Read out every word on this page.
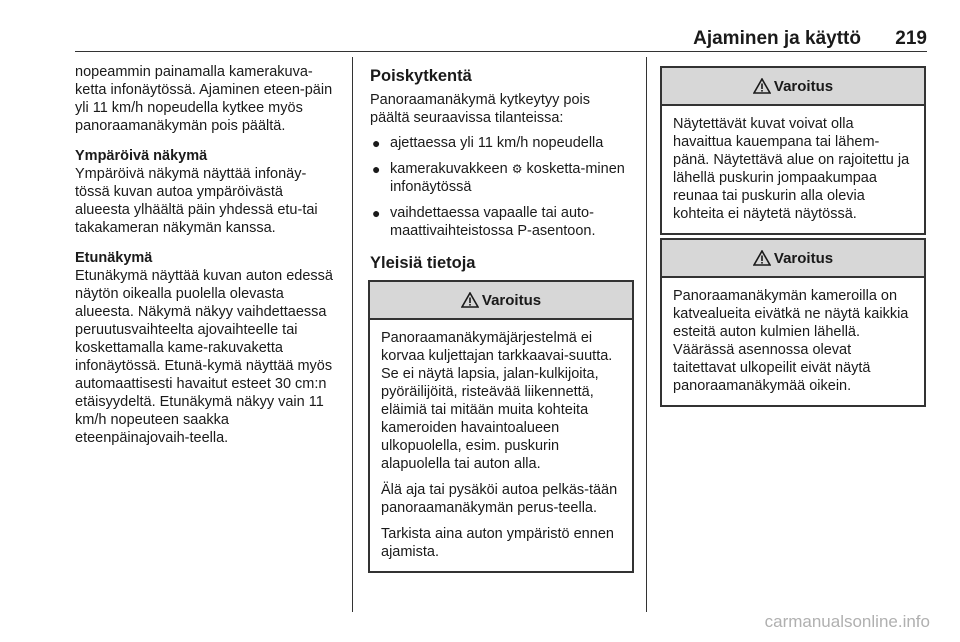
Ajaminen ja käyttö 219

nopeammin painamalla kamerakuva-ketta infonäytössä. Ajaminen eteen-päin yli 11 km/h nopeudella kytkee myös panoraamanäkymän pois päältä.

Ympäröivä näkymä

Ympäröivä näkymä näyttää infonäy-tössä kuvan autoa ympäröivästä alueesta ylhäältä päin yhdessä etu-tai takakameran näkymän kanssa.

Etunäkymä

Etunäkymä näyttää kuvan auton edessä näytön oikealla puolella olevasta alueesta. Näkymä näkyy vaihdettaessa peruutusvaihteelta ajovaihteelle tai koskettamalla kame-rakuvaketta infonäytössä. Etunä-kymä näyttää myös automaattisesti havaitut esteet 30 cm:n etäisyydeltä. Etunäkymä näkyy vain 11 km/h nopeuteen saakka eteenpäinajovaih-teella.

Poiskytkentä

Panoraamanäkymä kytkeytyy pois päältä seuraavissa tilanteissa:

● ajettaessa yli 11 km/h nopeudella
● kamerakuvakkeen ⚙ kosketta-minen infonäytössä
● vaihdettaessa vapaalle tai auto-maattivaihteistossa P-asentoon.
Yleisiä tietoja
Varoitus

Panoraamanäkymäjärjestelmä ei korvaa kuljettajan tarkkaavai-suutta. Se ei näytä lapsia, jalan-kulkijoita, pyöräilijöitä, risteävää liikennettä, eläimiä tai mitään muita kohteita kameroiden havaintoalueen ulkopuolella, esim. puskurin alapuolella tai auton alla.

Älä aja tai pysäköi autoa pelkäs-tään panoraamanäkymän perus-teella.

Tarkista aina auton ympäristö ennen ajamista.

Varoitus

Näytettävät kuvat voivat olla havaittua kauempana tai lähem-pänä. Näytettävä alue on rajoitettu ja lähellä puskurin jompaakumpaa reunaa tai puskurin alla olevia kohteita ei näytetä näytössä.

Varoitus

Panoraamanäkymän kameroilla on katvealueita eivätkä ne näytä kaikkia esteitä auton kulmien lähellä. Väärässä asennossa olevat taitettavat ulkopeilit eivät näytä panoraamanäkymää oikein.

carmanualsonline.info
